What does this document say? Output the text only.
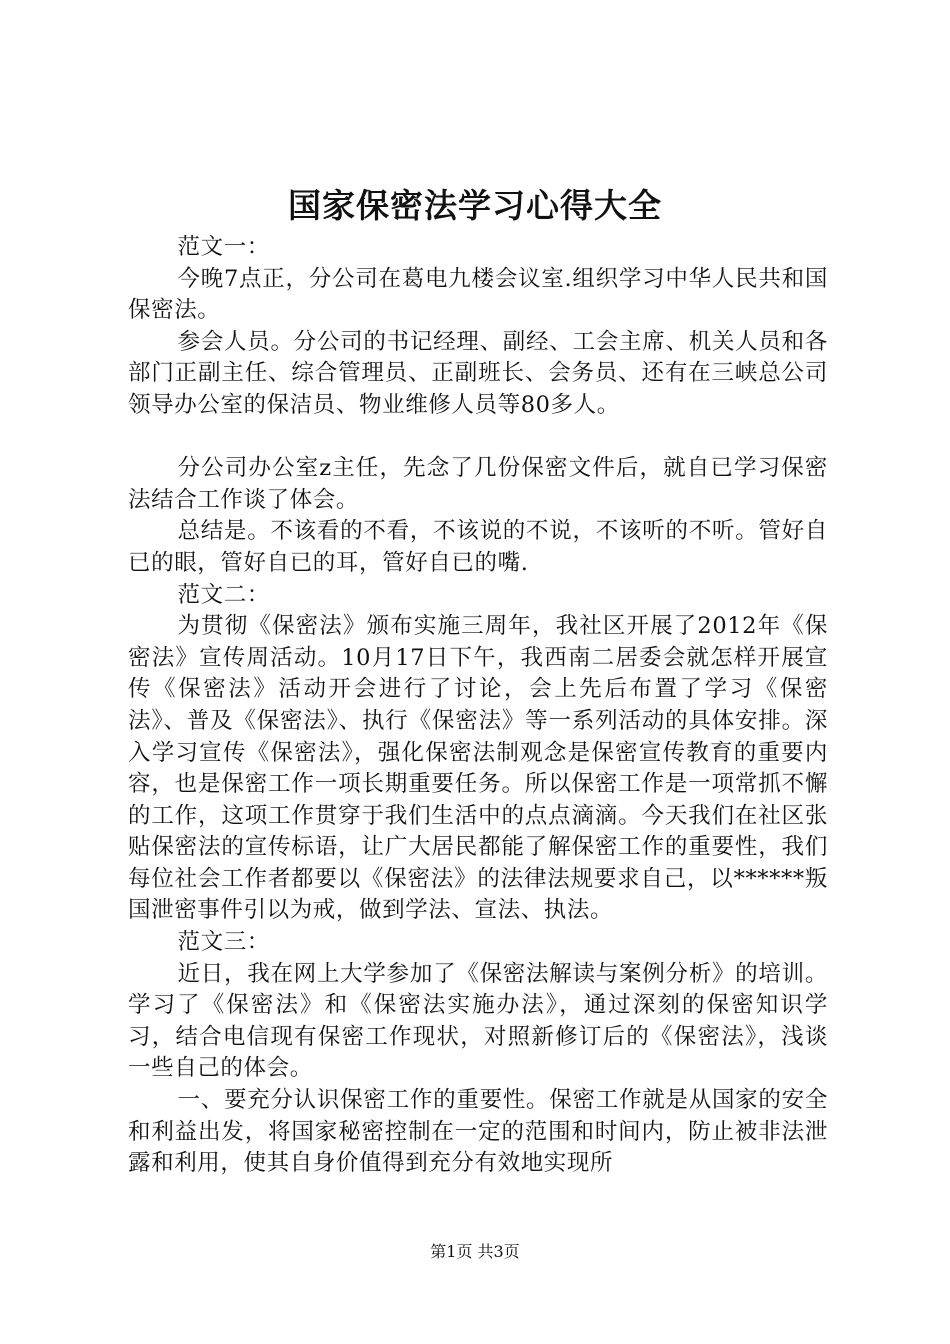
国家保密法学习心得大全

范文一：

今晚7点正，分公司在葛电九楼会议室.组织学习中华人民共和国保密法。

参会人员。分公司的书记经理、副经、工会主席、机关人员和各部门正副主任、综合管理员、正副班长、会务员、还有在三峡总公司领导办公室的保洁员、物业维修人员等80多人。

分公司办公室z主任，先念了几份保密文件后，就自已学习保密法结合工作谈了体会。

总结是。不该看的不看，不该说的不说，不该听的不听。管好自已的眼，管好自已的耳，管好自已的嘴.

范文二：

为贯彻《保密法》颁布实施三周年，我社区开展了2012年《保密法》宣传周活动。10月17日下午，我西南二居委会就怎样开展宣传《保密法》活动开会进行了讨论，会上先后布置了学习《保密法》、普及《保密法》、执行《保密法》等一系列活动的具体安排。深入学习宣传《保密法》，强化保密法制观念是保密宣传教育的重要内容，也是保密工作一项长期重要任务。所以保密工作是一项常抓不懈的工作，这项工作贯穿于我们生活中的点点滴滴。今天我们在社区张贴保密法的宣传标语，让广大居民都能了解保密工作的重要性，我们每位社会工作者都要以《保密法》的法律法规要求自己，以******叛国泄密事件引以为戒，做到学法、宣法、执法。

范文三：

近日，我在网上大学参加了《保密法解读与案例分析》的培训。学习了《保密法》和《保密法实施办法》，通过深刻的保密知识学习，结合电信现有保密工作现状，对照新修订后的《保密法》，浅谈一些自己的体会。

一、要充分认识保密工作的重要性。保密工作就是从国家的安全和利益出发，将国家秘密控制在一定的范围和时间内，防止被非法泄露和利用，使其自身价值得到充分有效地实现所

第1页 共3页
